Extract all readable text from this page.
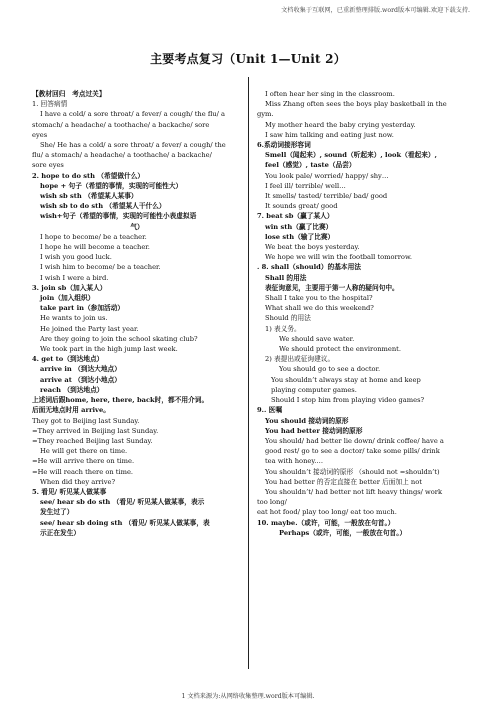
文档收集于互联网，已重新整理排版.word版本可编辑.欢迎下载支持.
主要考点复习（Unit 1—Unit 2）
【教材回归　考点过关】
1. 回答病情
I have a cold/ a sore throat/ a fever/ a cough/ the flu/ a
stomach/ a headache/ a toothache/ a backache/ sore
eyes
She/ He has a cold/ a sore throat/ a fever/ a cough/ the
flu/ a stomach/ a headache/ a toothache/ a backache/
sore eyes
2. hope to do sth （希望做什么）
hope + 句子（希望的事情，实现的可能性大）
wish sb sth （希望某人某事）
wish sb to do sth （希望某人干什么）
wish+句子（希望的事情，实现的可能性小表虚拟语
气）
I hope to become/ be a teacher.
I hope he will become a teacher.
I wish you good luck.
I wish him to become/ be a teacher.
I wish I were a bird.
3. join sb（加入某人）
join（加入组织）
take part in（参加活动）
He wants to join us.
He joined the Party last year.
Are they going to join the school skating club?
We took part in the high jump last week.
4. get to（到达地点）
arrive in （到达大地点）
arrive at （到达小地点）
reach （到达地点）
上述词后跟home, here, there, back时，都不用介词。
后面无地点时用 arrive。
They got to Beijing last Sunday.
=They arrived in Beijing last Sunday.
=They reached Beijing last Sunday.
He will get there on time.
=He will arrive there on time.
=He will reach there on time.
When did they arrive?
5. 看见/ 听见某人做某事
see/ hear sb do sth （看见/ 听见某人做某事，表示
发生过了）
see/ hear sb doing sth （看见/ 听见某人做某事，表
示正在发生）
I often hear her sing in the classroom.
Miss Zhang often sees the boys play basketball in the
gym.
My mother heard the baby crying yesterday.
I saw him talking and eating just now.
6.系动词接形容词
Smell（闻起来）, sound（听起来）, look（看起来）,
feel（感觉）, taste（品尝）
You look pale/ worried/ happy/ shy…
I feel ill/ terrible/ well…
It smells/ tasted/ terrible/ bad/ good
It sounds great/ good
7. beat sb（赢了某人）
win sth（赢了比赛）
lose sth（输了比赛）
We beat the boys yesterday.
We hope we will win the football tomorrow.
. 8. shall（should）的基本用法
Shall 的用法
表征询意见，主要用于第一人称的疑问句中。
Shall I take you to the hospital?
What shall we do this weekend?
Should 的用法
1) 表义务。
We should save water.
We should protect the environment.
2) 表提出或征询建议。
You should go to see a doctor.
You shouldn’t always stay at home and keep
playing computer games.
Should I stop him from playing video games?
9.. 医嘱
You should 接动词的原形
You had better 接动词的原形
You should/ had better lie down/ drink coffee/ have a
good rest/ go to see a doctor/ take some pills/ drink
tea with honey.…
You shouldn’t 接动词的原形 （should not =shouldn’t)
You had better 的否定直接在 better 后面加上 not
You shouldn’t/ had better not lift heavy things/ work
too long/
eat hot food/ play too long/ eat too much.
10. maybe.（或许，可能，一般放在句首。）
Perhaps（或许，可能，一般放在句首。）
1 文档来源为:从网络收集整理.word版本可编辑.
